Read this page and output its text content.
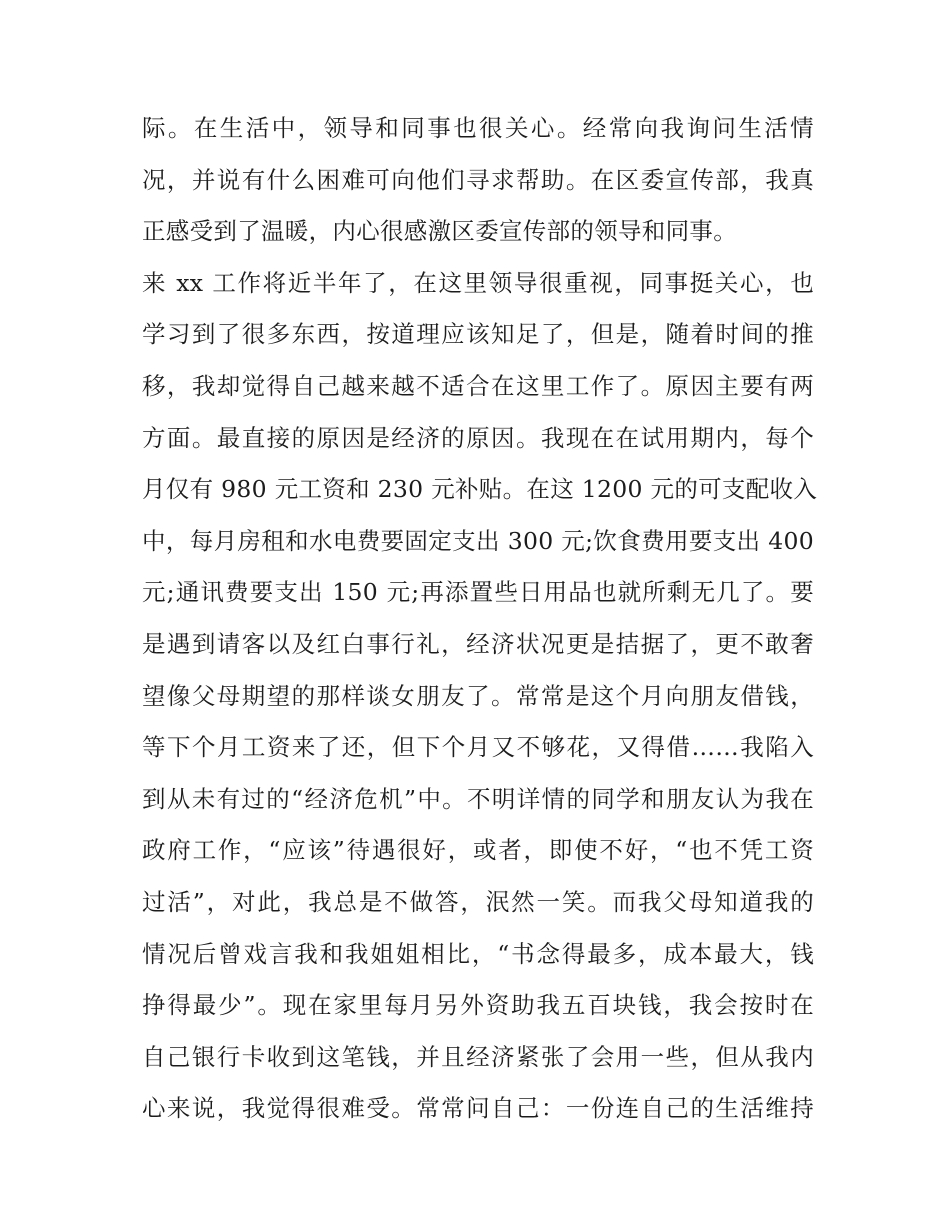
际。在生活中，领导和同事也很关心。经常向我询问生活情
况，并说有什么困难可向他们寻求帮助。在区委宣传部，我真
正感受到了温暖，内心很感激区委宣传部的领导和同事。
来 xx 工作将近半年了，在这里领导很重视，同事挺关心，也
学习到了很多东西，按道理应该知足了，但是，随着时间的推
移，我却觉得自己越来越不适合在这里工作了。原因主要有两
方面。最直接的原因是经济的原因。我现在在试用期内，每个
月仅有 980 元工资和 230 元补贴。在这 1200 元的可支配收入
中，每月房租和水电费要固定支出 300 元;饮食费用要支出 400
元;通讯费要支出 150 元;再添置些日用品也就所剩无几了。要
是遇到请客以及红白事行礼，经济状况更是拮据了，更不敢奢
望像父母期望的那样谈女朋友了。常常是这个月向朋友借钱，
等下个月工资来了还，但下个月又不够花，又得借……我陷入
到从未有过的“经济危机”中。不明详情的同学和朋友认为我在
政府工作，“应该”待遇很好，或者，即使不好，“也不凭工资
过活”，对此，我总是不做答，泯然一笑。而我父母知道我的
情况后曾戏言我和我姐姐相比，“书念得最多，成本最大，钱
挣得最少”。现在家里每月另外资助我五百块钱，我会按时在
自己银行卡收到这笔钱，并且经济紧张了会用一些，但从我内
心来说，我觉得很难受。常常问自己：一份连自己的生活维持
